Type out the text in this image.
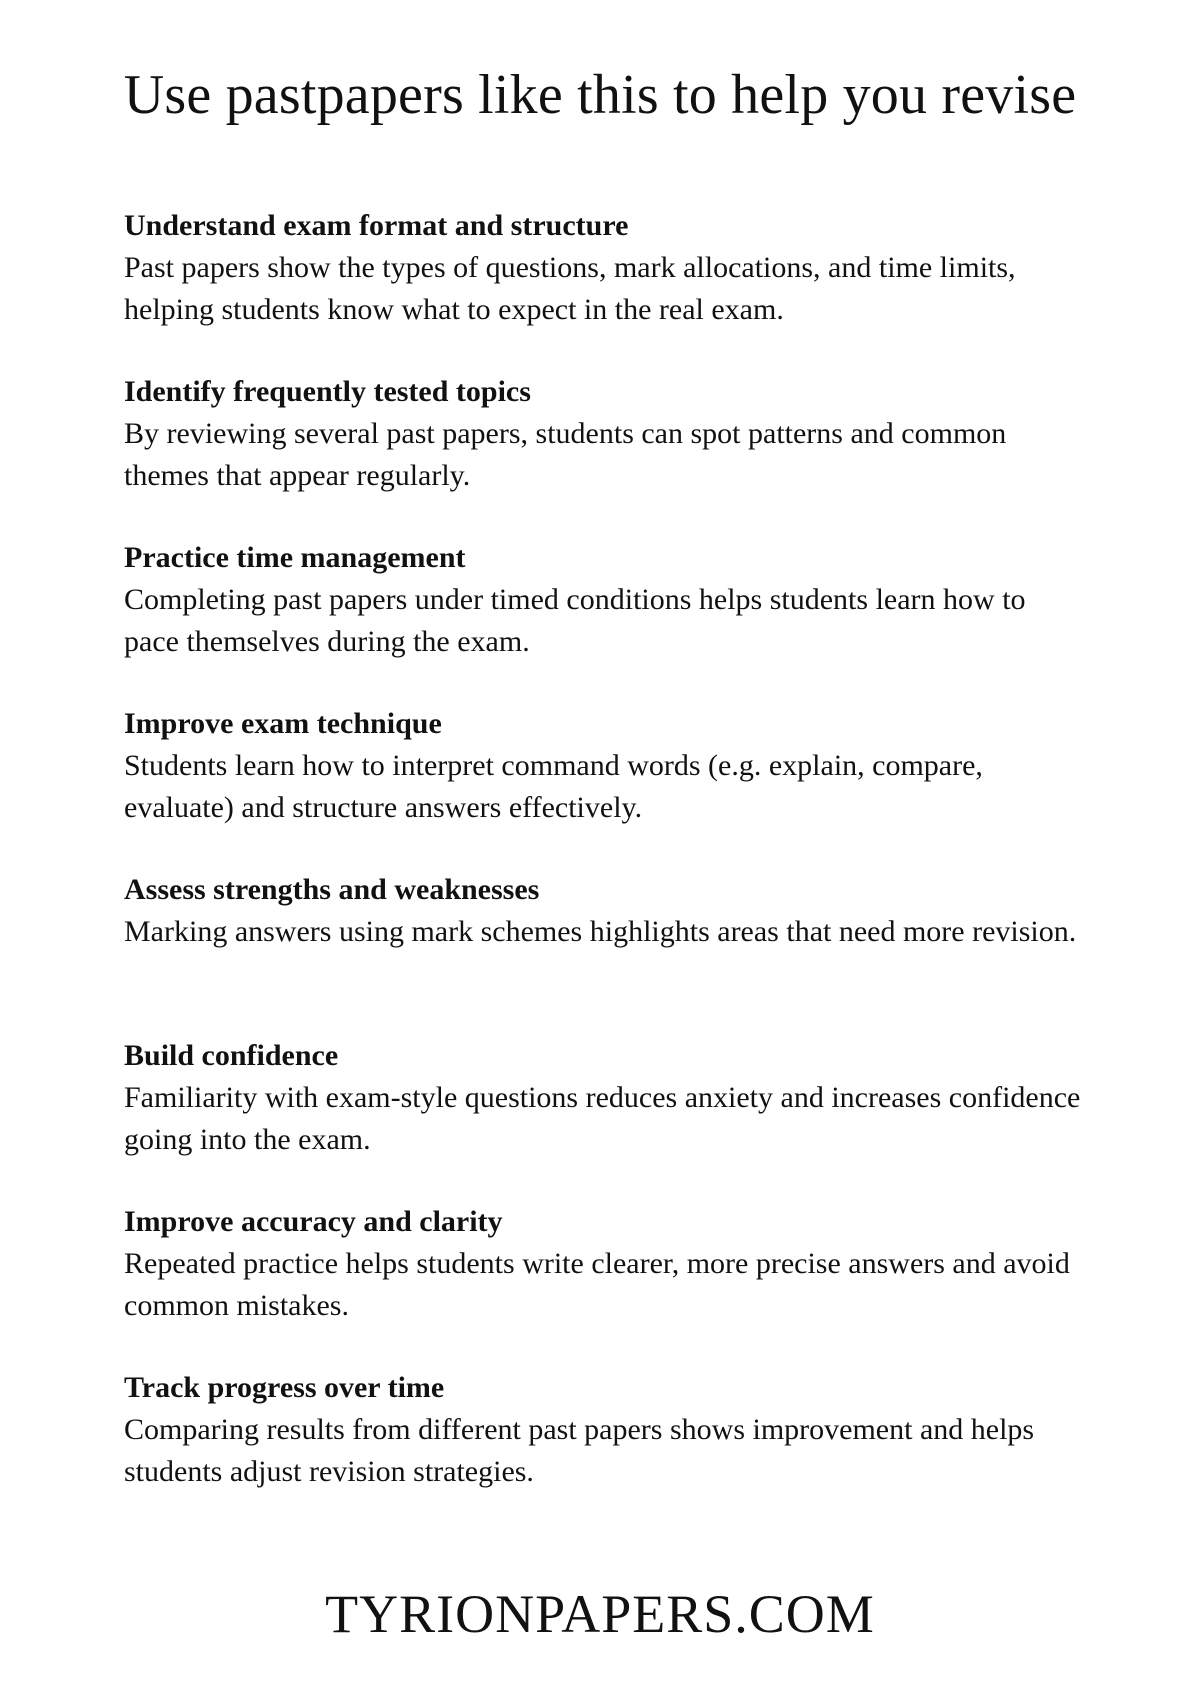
Use pastpapers like this to help you revise

Understand exam format and structure

Past papers show the types of questions, mark allocations, and time limits, helping students know what to expect in the real exam.

Identify frequently tested topics

By reviewing several past papers, students can spot patterns and common themes that appear regularly.

Practice time management

Completing past papers under timed conditions helps students learn how to pace themselves during the exam.

Improve exam technique

Students learn how to interpret command words (e.g. explain, compare, evaluate) and structure answers effectively.

Assess strengths and weaknesses

Marking answers using mark schemes highlights areas that need more revision.

Build confidence

Familiarity with exam-style questions reduces anxiety and increases confidence going into the exam.

Improve accuracy and clarity

Repeated practice helps students write clearer, more precise answers and avoid common mistakes.

Track progress over time

Comparing results from different past papers shows improvement and helps students adjust revision strategies.

TYRIONPAPERS.COM
